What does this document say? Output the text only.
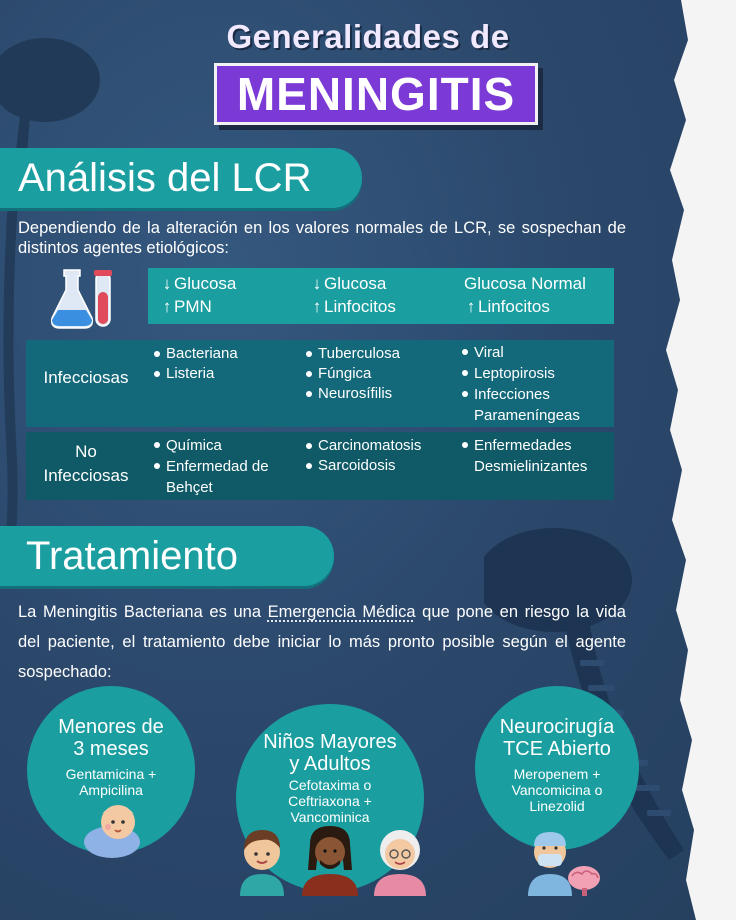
Generalidades de
MENINGITIS
Análisis del LCR

Dependiendo de la alteración en los valores normales de LCR, se sospechan de distintos agentes etiológicos:

↓ Glucosa
↑ PMN
↓ Glucosa
↑ Linfocitos
Glucosa Normal
↑ Linfocitos
Infecciosas
Bacteriana
Listeria
Tuberculosa
Fúngica
Neurosífilis
Viral
Leptopirosis
Infecciones Parameníngeas
No
Infecciosas
Química
Enfermedad de Behçet
Carcinomatosis
Sarcoidosis
Enfermedades Desmielinizantes
Tratamiento

La Meningitis Bacteriana es una Emergencia Médica que pone en riesgo la vida del paciente, el tratamiento debe iniciar lo más pronto posible según el agente sospechado:

Menores de
3 meses
Gentamicina +
Ampicilina
Niños Mayores
y Adultos
Cefotaxima o
Ceftriaxona +
Vancominica
Neurocirugía
TCE Abierto
Meropenem +
Vancomicina o
Linezolid
